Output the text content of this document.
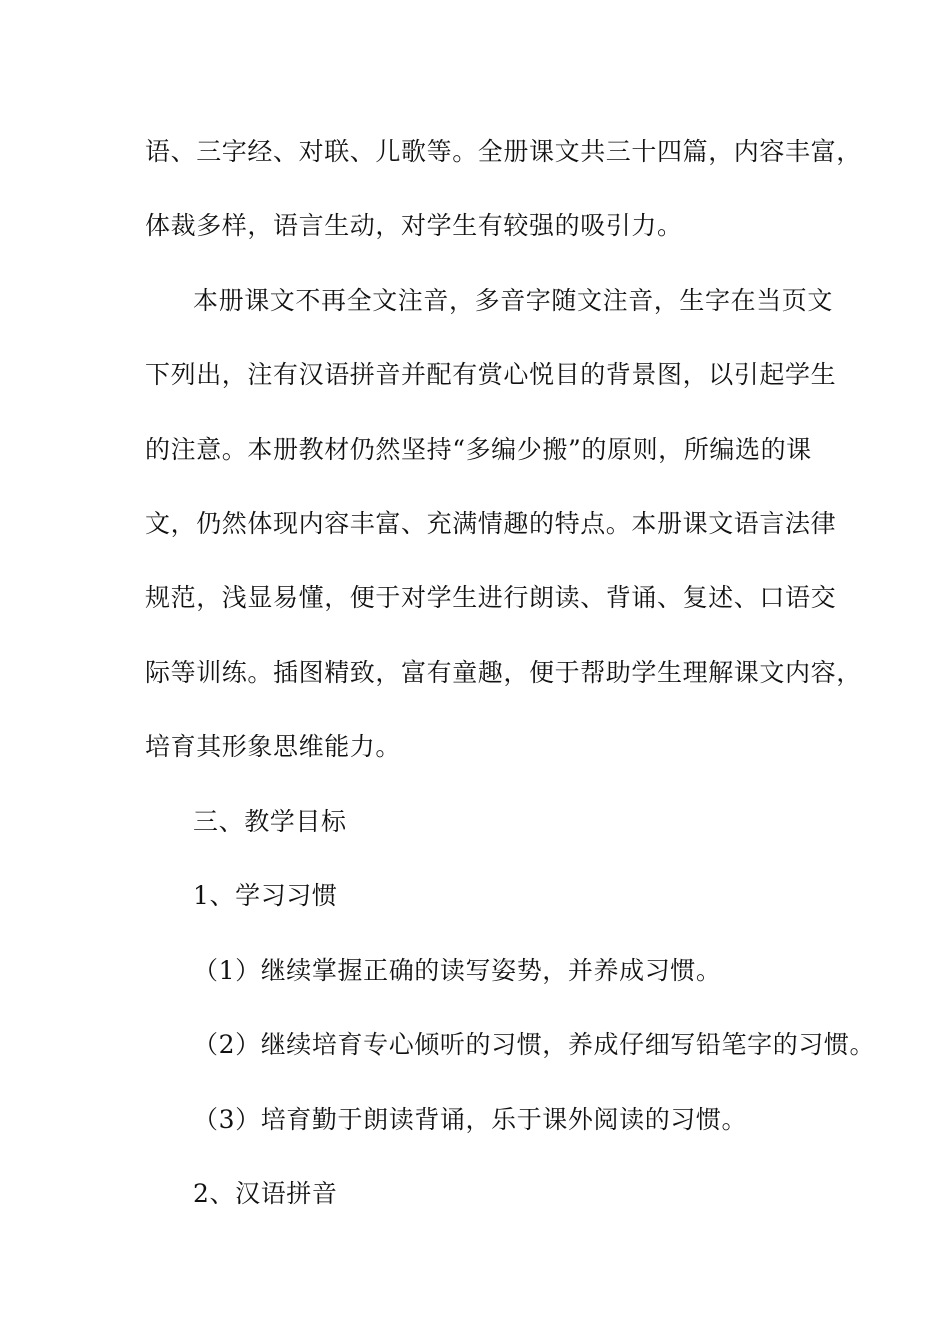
语、三字经、对联、儿歌等。全册课文共三十四篇，内容丰富，
体裁多样，语言生动，对学生有较强的吸引力。
本册课文不再全文注音，多音字随文注音，生字在当页文
下列出，注有汉语拼音并配有赏心悦目的背景图，以引起学生
的注意。本册教材仍然坚持“多编少搬”的原则，所编选的课
文，仍然体现内容丰富、充满情趣的特点。本册课文语言法律
规范，浅显易懂，便于对学生进行朗读、背诵、复述、口语交
际等训练。插图精致，富有童趣，便于帮助学生理解课文内容，
培育其形象思维能力。
三、教学目标
1、学习习惯
（1）继续掌握正确的读写姿势，并养成习惯。
（2）继续培育专心倾听的习惯，养成仔细写铅笔字的习惯。
（3）培育勤于朗读背诵，乐于课外阅读的习惯。
2、汉语拼音
